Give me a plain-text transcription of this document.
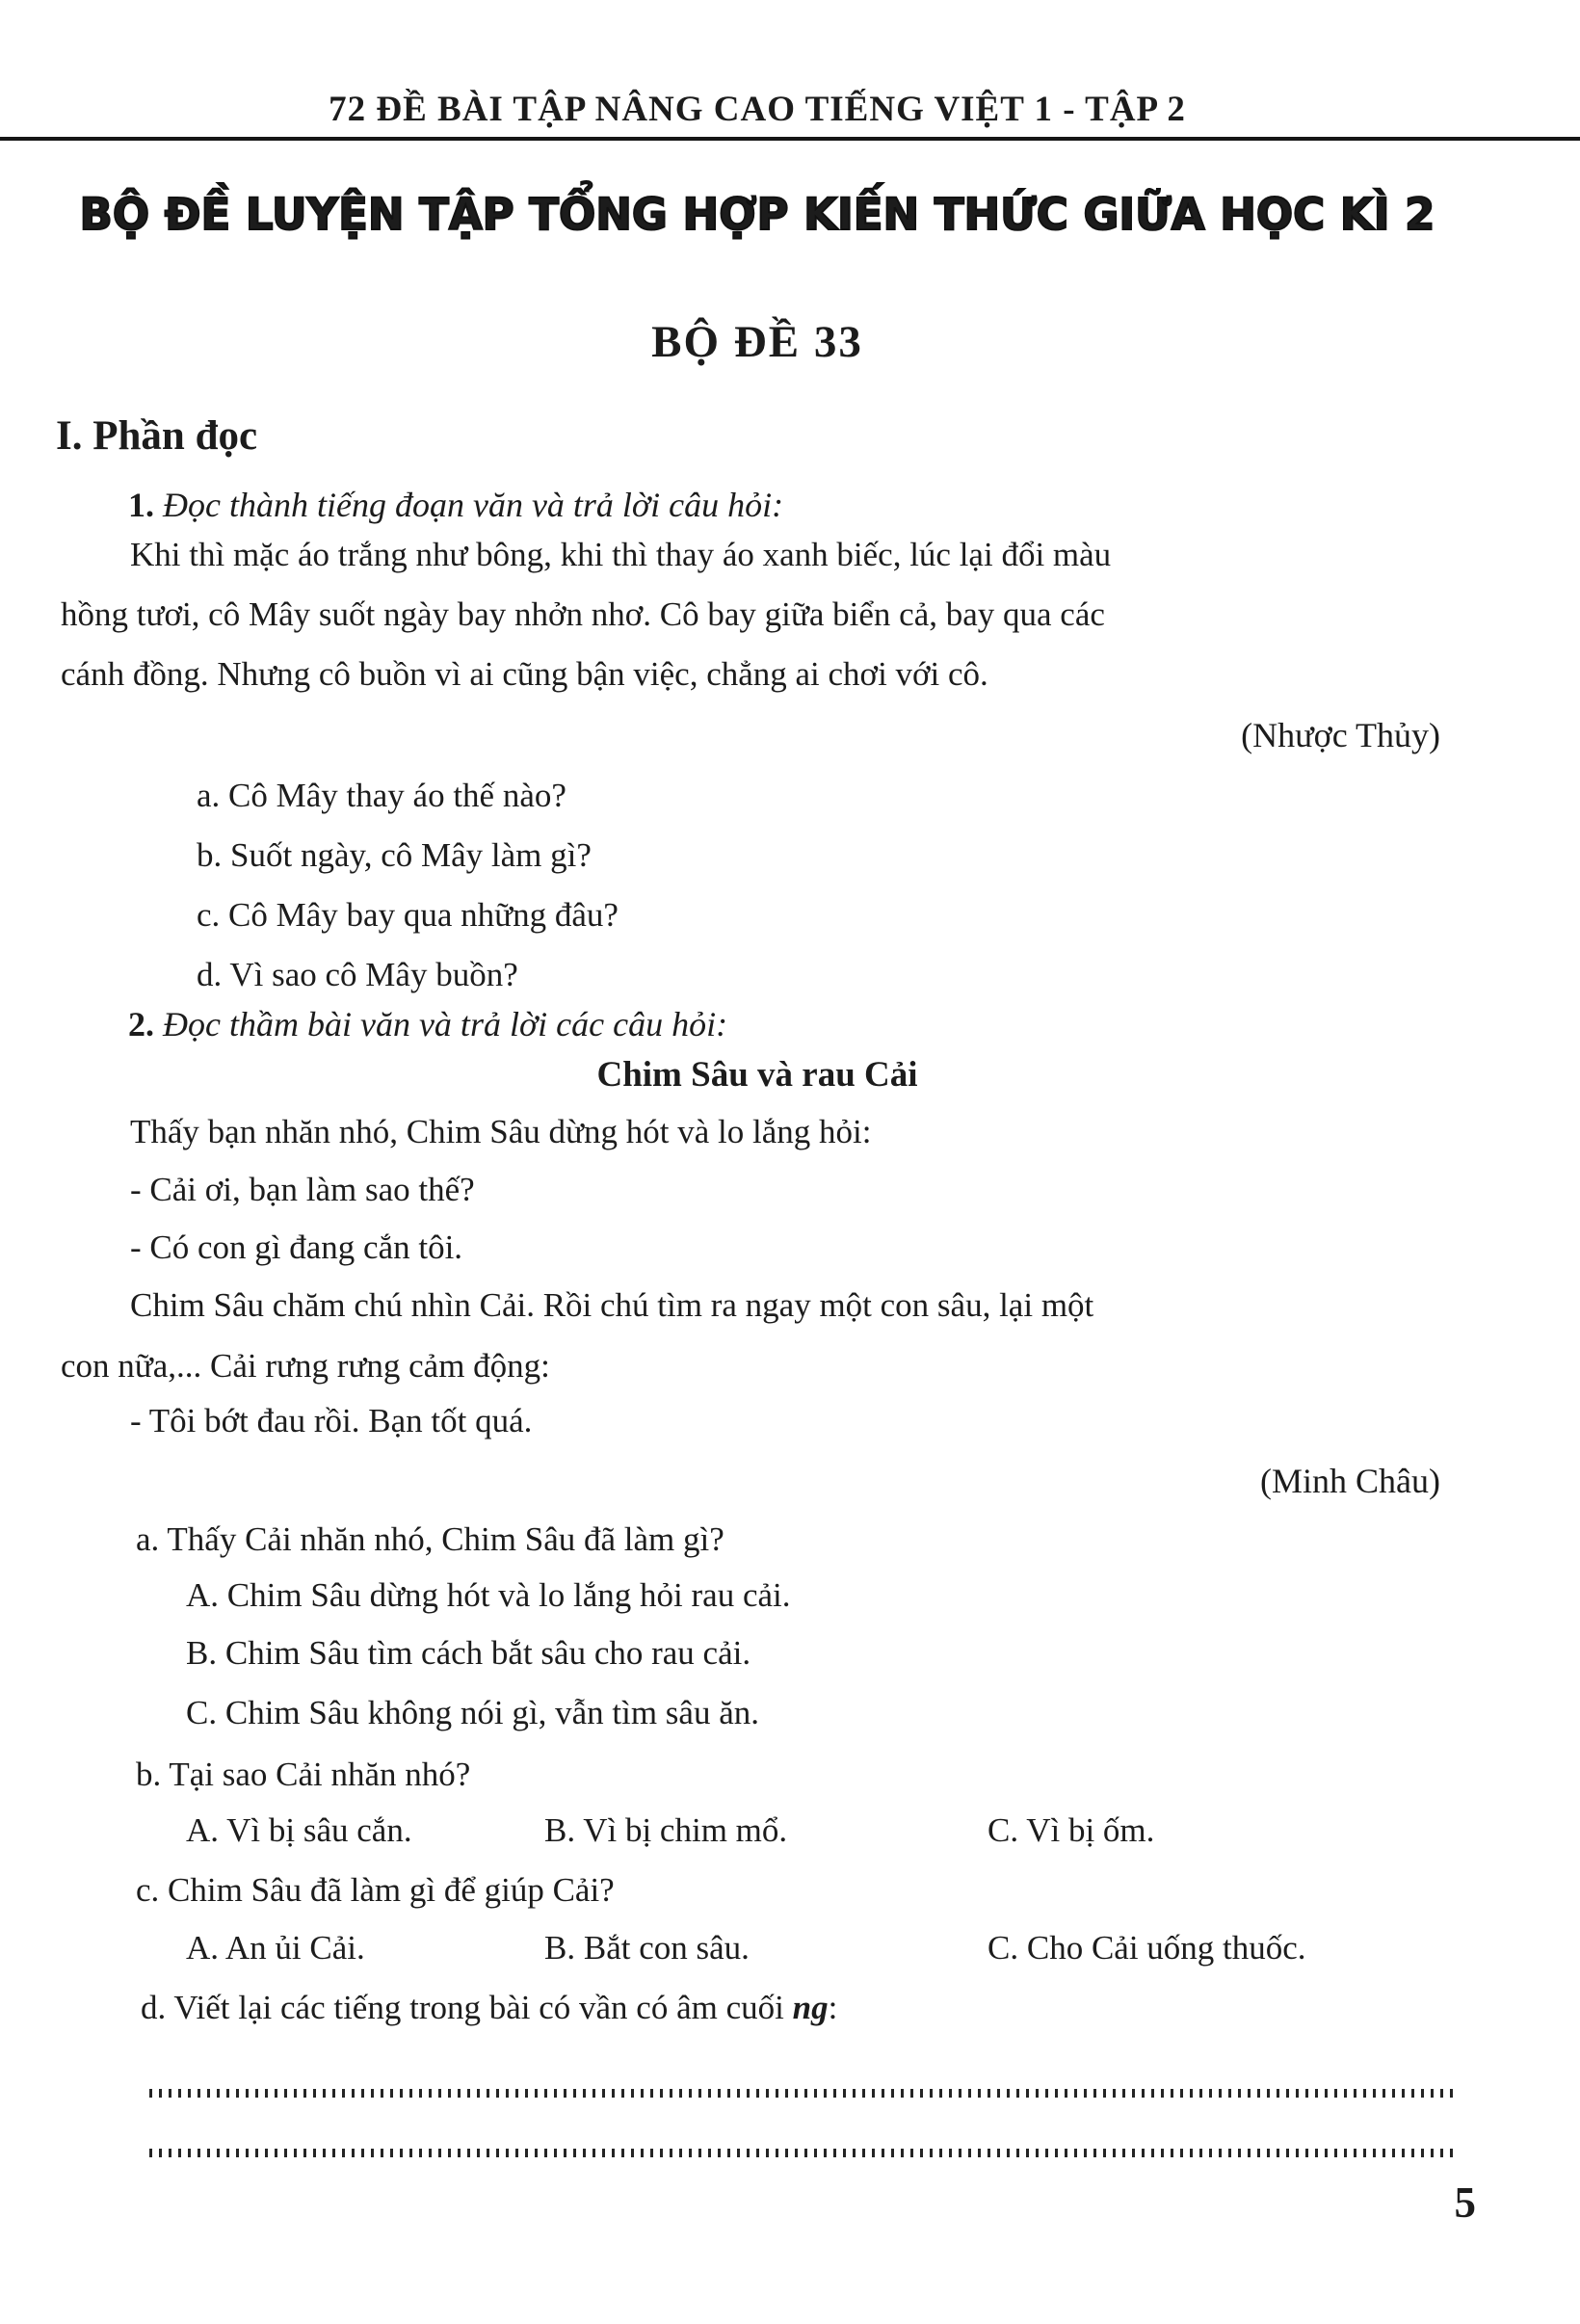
72 ĐỀ BÀI TẬP NÂNG CAO TIẾNG VIỆT 1 - TẬP 2
BỘ ĐỀ LUYỆN TẬP TỔNG HỢP KIẾN THỨC GIỮA HỌC KÌ 2
BỘ ĐỀ 33
I. Phần đọc
1. Đọc thành tiếng đoạn văn và trả lời câu hỏi:
Khi thì mặc áo trắng như bông, khi thì thay áo xanh biếc, lúc lại đổi màu
hồng tươi, cô Mây suốt ngày bay nhởn nhơ. Cô bay giữa biển cả, bay qua các
cánh đồng. Nhưng cô buồn vì ai cũng bận việc, chẳng ai chơi với cô.
(Nhược Thủy)
a. Cô Mây thay áo thế nào?
b. Suốt ngày, cô Mây làm gì?
c. Cô Mây bay qua những đâu?
d. Vì sao cô Mây buồn?
2. Đọc thầm bài văn và trả lời các câu hỏi:
Chim Sâu và rau Cải
Thấy bạn nhăn nhó, Chim Sâu dừng hót và lo lắng hỏi:
- Cải ơi, bạn làm sao thế?
- Có con gì đang cắn tôi.
Chim Sâu chăm chú nhìn Cải. Rồi chú tìm ra ngay một con sâu, lại một
con nữa,... Cải rưng rưng cảm động:
- Tôi bớt đau rồi. Bạn tốt quá.
(Minh Châu)
a. Thấy Cải nhăn nhó, Chim Sâu đã làm gì?
A. Chim Sâu dừng hót và lo lắng hỏi rau cải.
B. Chim Sâu tìm cách bắt sâu cho rau cải.
C. Chim Sâu không nói gì, vẫn tìm sâu ăn.
b. Tại sao Cải nhăn nhó?
A. Vì bị sâu cắn.	B. Vì bị chim mổ.	C. Vì bị ốm.
c. Chim Sâu đã làm gì để giúp Cải?
A. An ủi Cải.	B. Bắt con sâu.	C. Cho Cải uống thuốc.
d. Viết lại các tiếng trong bài có vần có âm cuối ng:
5
